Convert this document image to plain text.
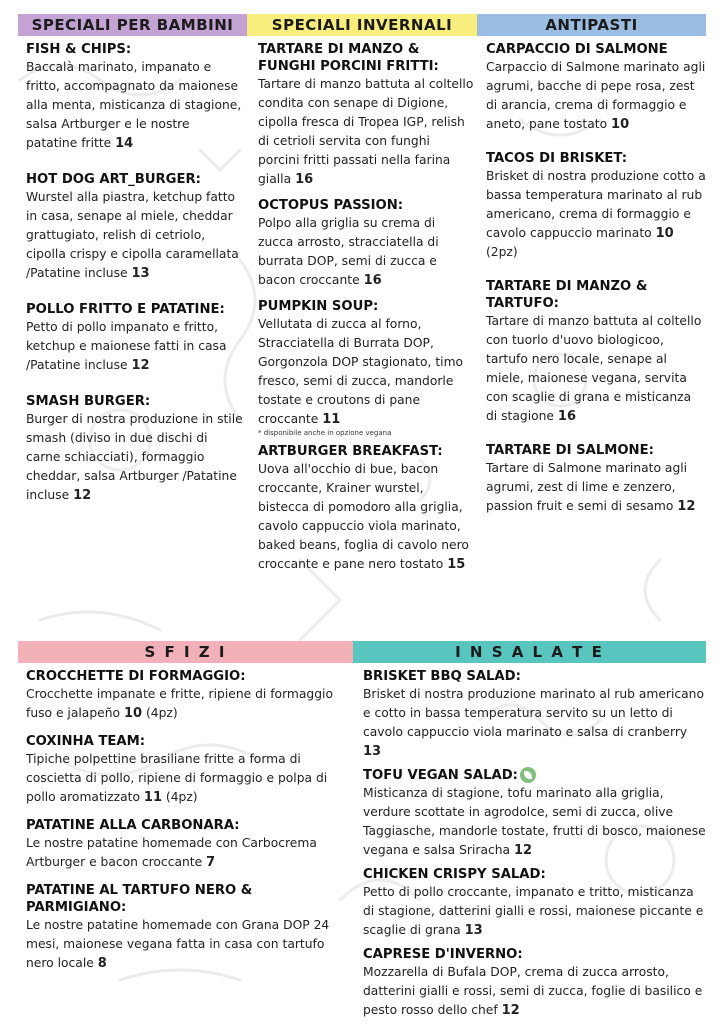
SPECIALI PER BAMBINI	SPECIALI INVERNALI	ANTIPASTI
S F I Z I	I N S A L A T E
FISH & CHIPS:
Baccalà marinato, impanato e fritto, accompagnato da maionese alla menta, misticanza di stagione, salsa Artburger e le nostre patatine fritte 14
HOT DOG ART_BURGER:
Wurstel alla piastra, ketchup fatto in casa, senape al miele, cheddar grattugiato, relish di cetriolo, cipolla crispy e cipolla caramellata /Patatine incluse 13
POLLO FRITTO E PATATINE:
Petto di pollo impanato e fritto, ketchup e maionese fatti in casa /Patatine incluse 12
SMASH BURGER:
Burger di nostra produzione in stile smash (diviso in due dischi di carne schiacciati), formaggio cheddar, salsa Artburger /Patatine incluse 12
TARTARE DI MANZO & FUNGHI PORCINI FRITTI:
Tartare di manzo battuta al coltello condita con senape di Digione, cipolla fresca di Tropea IGP, relish di cetrioli servita con funghi porcini fritti passati nella farina gialla 16
OCTOPUS PASSION:
Polpo alla griglia su crema di zucca arrosto, stracciatella di burrata DOP, semi di zucca e bacon croccante 16
PUMPKIN SOUP:
Vellutata di zucca al forno, Stracciatella di Burrata DOP, Gorgonzola DOP stagionato, timo fresco, semi di zucca, mandorle tostate e croutons di pane croccante 11
* disponibile anche in opzione vegana
ARTBURGER BREAKFAST:
Uova all'occhio di bue, bacon croccante, Krainer wurstel, bistecca di pomodoro alla griglia, cavolo cappuccio viola marinato, baked beans, foglia di cavolo nero croccante e pane nero tostato 15
CARPACCIO DI SALMONE
Carpaccio di Salmone marinato agli agrumi, bacche di pepe rosa, zest di arancia, crema di formaggio e aneto, pane tostato 10
TACOS DI BRISKET:
Brisket di nostra produzione cotto a bassa temperatura marinato al rub americano, crema di formaggio e cavolo cappuccio marinato 10 (2pz)
TARTARE DI MANZO & TARTUFO:
Tartare di manzo battuta al coltello con tuorlo d'uovo biologicoo, tartufo nero locale, senape al miele, maionese vegana, servita con scaglie di grana e misticanza di stagione 16
TARTARE DI SALMONE:
Tartare di Salmone marinato agli agrumi, zest di lime e zenzero, passion fruit e semi di sesamo 12
CROCCHETTE DI FORMAGGIO:
Crocchette impanate e fritte, ripiene di formaggio fuso e jalapeño 10 (4pz)
COXINHA TEAM:
Tipiche polpettine brasiliane fritte a forma di coscietta di pollo, ripiene di formaggio e polpa di pollo aromatizzato 11 (4pz)
PATATINE ALLA CARBONARA:
Le nostre patatine homemade con Carbocrema Artburger e bacon croccante 7
PATATINE AL TARTUFO NERO & PARMIGIANO:
Le nostre patatine homemade con Grana DOP 24 mesi, maionese vegana fatta in casa con tartufo nero locale 8
BRISKET BBQ SALAD:
Brisket di nostra produzione marinato al rub americano e cotto in bassa temperatura servito su un letto di cavolo cappuccio viola marinato e salsa di cranberry 13
TOFU VEGAN SALAD:
Misticanza di stagione, tofu marinato alla griglia, verdure scottate in agrodolce, semi di zucca, olive Taggiasche, mandorle tostate, frutti di bosco, maionese vegana e salsa Sriracha 12
CHICKEN CRISPY SALAD:
Petto di pollo croccante, impanato e tritto, misticanza di stagione, datterini gialli e rossi, maionese piccante e scaglie di grana 13
CAPRESE D'INVERNO:
Mozzarella di Bufala DOP, crema di zucca arrosto, datterini gialli e rossi, semi di zucca, foglie di basilico e pesto rosso dello chef 12
